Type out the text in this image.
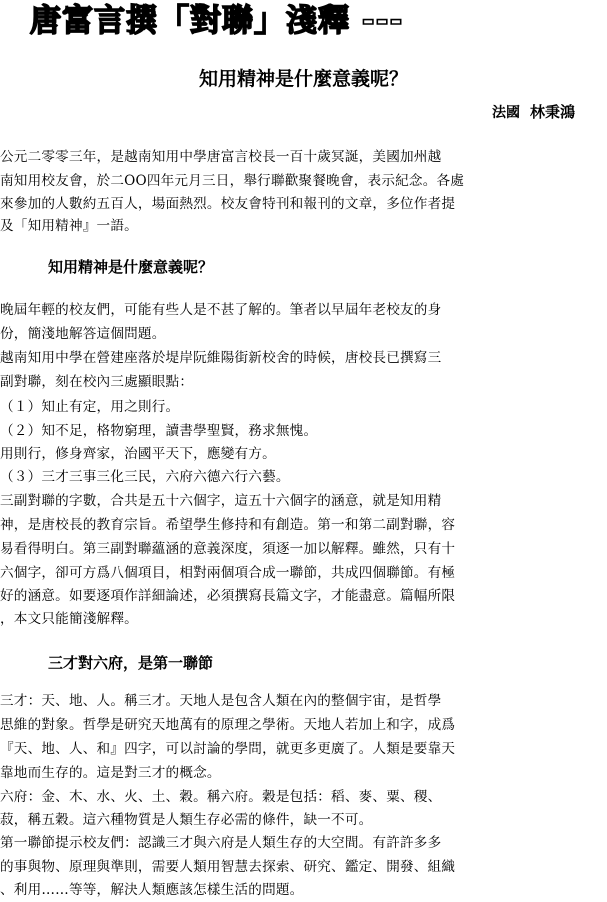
唐富言撰「對聯」淺釋 ---
知用精神是什麼意義呢？
法國 林秉鴻
公元二零零三年，是越南知用中學唐富言校長一百十歲冥誕，美國加州越
南知用校友會，於二OO四年元月三日，舉行聯歡聚餐晚會，表示紀念。各處
來參加的人數約五百人，場面熱烈。校友會特刊和報刊的文章，多位作者提
及「知用精神』一語。
知用精神是什麼意義呢？
晚屆年輕的校友們，可能有些人是不甚了解的。筆者以早屆年老校友的身
份，簡淺地解答這個問題。
越南知用中學在營建座落於堤岸阮維陽街新校舍的時候，唐校長已撰寫三
副對聯，刻在校內三處顯眼點：
（１）知止有定，用之則行。
（２）知不足，格物窮理，讀書學聖賢，務求無愧。
用則行，修身齊家，治國平天下，應變有方。
（３）三才三事三化三民，六府六德六行六藝。
三副對聯的字數，合共是五十六個字，這五十六個字的涵意，就是知用精
神，是唐校長的教育宗旨。希望學生修持和有創造。第一和第二副對聯，容
易看得明白。第三副對聯蘊涵的意義深度，須逐一加以解釋。雖然，只有十
六個字，卻可方爲八個項目，相對兩個項合成一聯節，共成四個聯節。有極
好的涵意。如要逐項作詳細論述，必須撰寫長篇文字，才能盡意。篇幅所限
，本文只能簡淺解釋。
三才對六府，是第一聯節
三才：天、地、人。稱三才。天地人是包含人類在內的整個宇宙，是哲學
思維的對象。哲學是研究天地萬有的原理之學術。天地人若加上和字，成爲
『天、地、人、和』四字，可以討論的學問，就更多更廣了。人類是要靠天
靠地而生存的。這是對三才的概念。
六府：金、木、水、火、土、穀。稱六府。穀是包括：稻、麥、粟、稷、
菽，稱五穀。這六種物質是人類生存必需的條件，缺一不可。
第一聯節提示校友們：認識三才與六府是人類生存的大空間。有許許多多
的事與物、原理與準則，需要人類用智慧去探索、研究、鑑定、開發、組織
、利用……等等，解決人類應該怎樣生活的問題。
